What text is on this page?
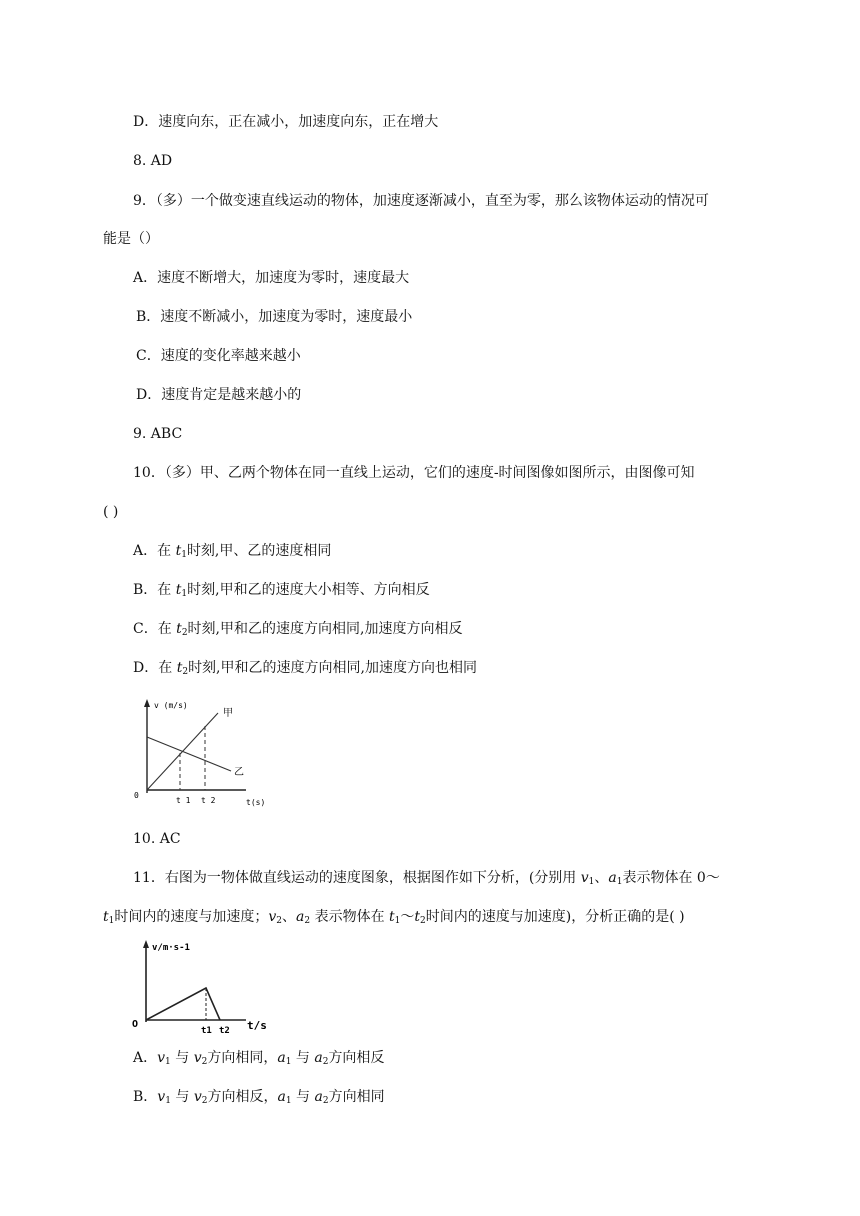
D．速度向东，正在减小，加速度向东，正在增大
8. AD
9．（多）一个做变速直线运动的物体，加速度逐渐减小，直至为零，那么该物体运动的情况可
能是（）
A．速度不断增大，加速度为零时，速度最大
B．速度不断减小，加速度为零时，速度最小
C．速度的变化率越来越小
D．速度肯定是越来越小的
9. ABC
10．（多）甲、乙两个物体在同一直线上运动，它们的速度-时间图像如图所示，由图像可知
( )
A．在 $t_1$时刻,甲、乙的速度相同
B．在 $t_1$时刻,甲和乙的速度大小相等、方向相反
C．在 $t_2$时刻,甲和乙的速度方向相同,加速度方向相反
D．在 $t_2$时刻,甲和乙的速度方向相同,加速度方向也相同
v (m/s)
0
甲
乙
t 1 t 2	t(s)
10. AC
11．右图为一物体做直线运动的速度图象，根据图作如下分析，(分别用 $v_1$、$a_1$表示物体在 0～
$t_1$时间内的速度与加速度；$v_2$、$a_2$ 表示物体在 $t_1\sim t_2$时间内的速度与加速度)，分析正确的是( )
v/m·s-1
O
t1 t2 t/s
A．$v_1$ 与 $v_2$方向相同，$a_1$ 与 $a_2$方向相反
B．$v_1$ 与 $v_2$方向相反，$a_1$ 与 $a_2$方向相同
